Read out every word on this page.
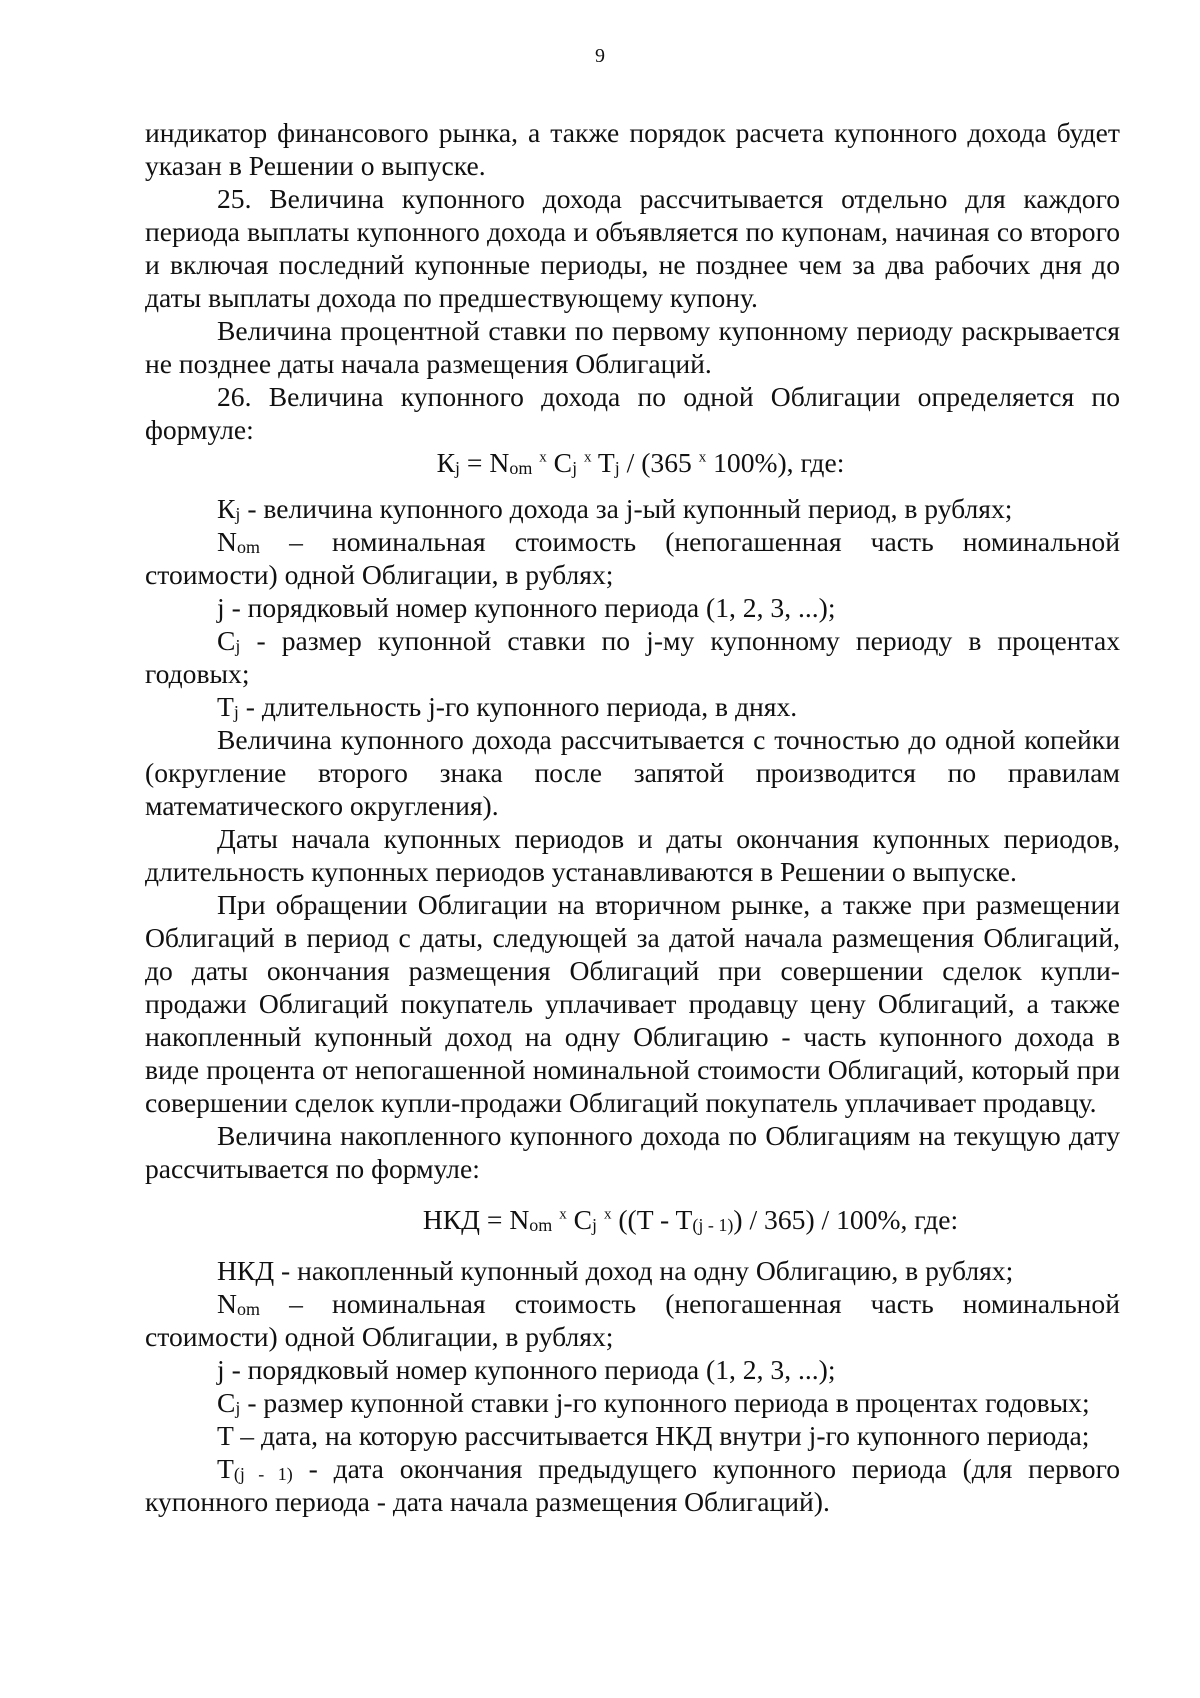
9

индикатор финансового рынка, а также порядок расчета купонного дохода будет указан в Решении о выпуске.

25. Величина купонного дохода рассчитывается отдельно для каждого периода выплаты купонного дохода и объявляется по купонам, начиная со второго и включая последний купонные периоды, не позднее чем за два рабочих дня до даты выплаты дохода по предшествующему купону.

Величина процентной ставки по первому купонному периоду раскрывается не позднее даты начала размещения Облигаций.

26. Величина купонного дохода по одной Облигации определяется по формуле:

$К_j = N_{om}$ $^x$ $C_j$ $^x$ $T_j / (365$ $^x$ 100%), где:

$К_j$ - величина купонного дохода за j-ый купонный период, в рублях;

$N_{om}$ – номинальная стоимость (непогашенная часть номинальной стоимости) одной Облигации, в рублях;

j - порядковый номер купонного периода (1, 2, 3, ...);

$C_j$ - размер купонной ставки по j-му купонному периоду в процентах годовых;

$T_j$ - длительность j-го купонного периода, в днях.

Величина купонного дохода рассчитывается с точностью до одной копейки (округление второго знака после запятой производится по правилам математического округления).

Даты начала купонных периодов и даты окончания купонных периодов, длительность купонных периодов устанавливаются в Решении о выпуске.

При обращении Облигации на вторичном рынке, а также при размещении Облигаций в период с даты, следующей за датой начала размещения Облигаций, до даты окончания размещения Облигаций при совершении сделок купли-продажи Облигаций покупатель уплачивает продавцу цену Облигаций, а также накопленный купонный доход на одну Облигацию - часть купонного дохода в виде процента от непогашенной номинальной стоимости Облигаций, который при совершении сделок купли-продажи Облигаций покупатель уплачивает продавцу.

Величина накопленного купонного дохода по Облигациям на текущую дату рассчитывается по формуле:

НКД = $N_{om}$ $^x$ $C_j$ $^x$ $((T - T_{(j - 1)}) / 365) / 100\%$, где:

НКД - накопленный купонный доход на одну Облигацию, в рублях;

$N_{om}$ – номинальная стоимость (непогашенная часть номинальной стоимости) одной Облигации, в рублях;

j - порядковый номер купонного периода (1, 2, 3, ...);

$C_j$ - размер купонной ставки j-го купонного периода в процентах годовых;

T – дата, на которую рассчитывается НКД внутри j-го купонного периода;

$T_{(j - 1)}$ - дата окончания предыдущего купонного периода (для первого купонного периода - дата начала размещения Облигаций).
